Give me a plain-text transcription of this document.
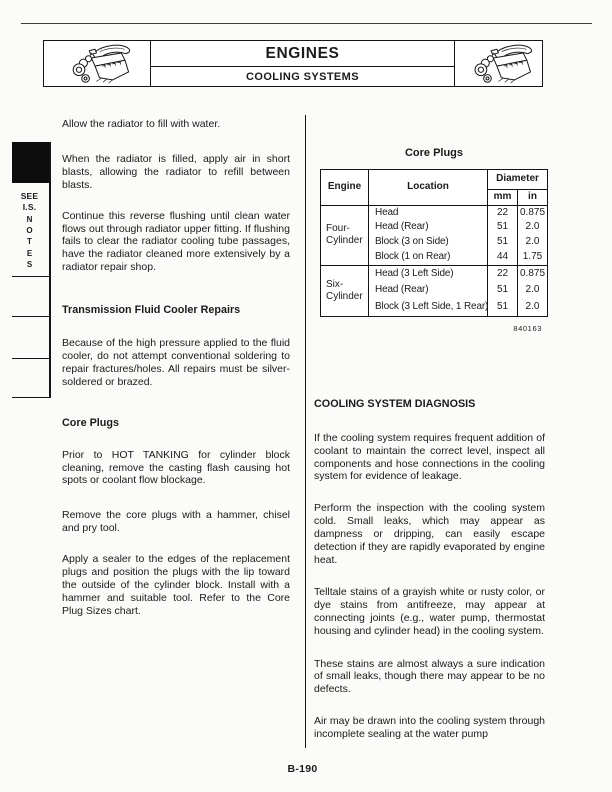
ENGINES
COOLING SYSTEMS
SEE
I.S.
N
O
T
E
S

Allow the radiator to fill with water.

When the radiator is filled, apply air in short blasts, allowing the radiator to refill between blasts.

Continue this reverse flushing until clean water flows out through radiator upper fitting. If flushing fails to clear the radiator cooling tube passages, have the radiator cleaned more extensively by a radiator repair shop.

Transmission Fluid Cooler Repairs

Because of the high pressure applied to the fluid cooler, do not attempt conventional soldering to repair fractures/holes. All repairs must be silver-soldered or brazed.

Core Plugs

Prior to HOT TANKING for cylinder block cleaning, remove the casting flash causing hot spots or coolant flow blockage.

Remove the core plugs with a hammer, chisel and pry tool.

Apply a sealer to the edges of the replacement plugs and position the plugs with the lip toward the outside of the cylinder block. Install with a hammer and suitable tool. Refer to the Core Plug Sizes chart.

Core Plugs
Engine	Location	Diameter	
		mm	in
Four-Cylinder	Head	22	0.875
	Head (Rear)	51	2.0
	Block (3 on Side)	51	2.0
	Block (1 on Rear)	44	1.75
Six-Cylinder	Head (3 Left Side)	22	0.875
	Head (Rear)	51	2.0
	Block (3 Left Side, 1 Rear)	51	2.0
840163
COOLING SYSTEM DIAGNOSIS

If the cooling system requires frequent addition of coolant to maintain the correct level, inspect all components and hose connections in the cooling system for evidence of leakage.

Perform the inspection with the cooling system cold. Small leaks, which may appear as dampness or dripping, can easily escape detection if they are rapidly evaporated by engine heat.

Telltale stains of a grayish white or rusty color, or dye stains from antifreeze, may appear at connecting joints (e.g., water pump, thermostat housing and cylinder head) in the cooling system.

These stains are almost always a sure indication of small leaks, though there may appear to be no defects.

Air may be drawn into the cooling system through incomplete sealing at the water pump

B-190
